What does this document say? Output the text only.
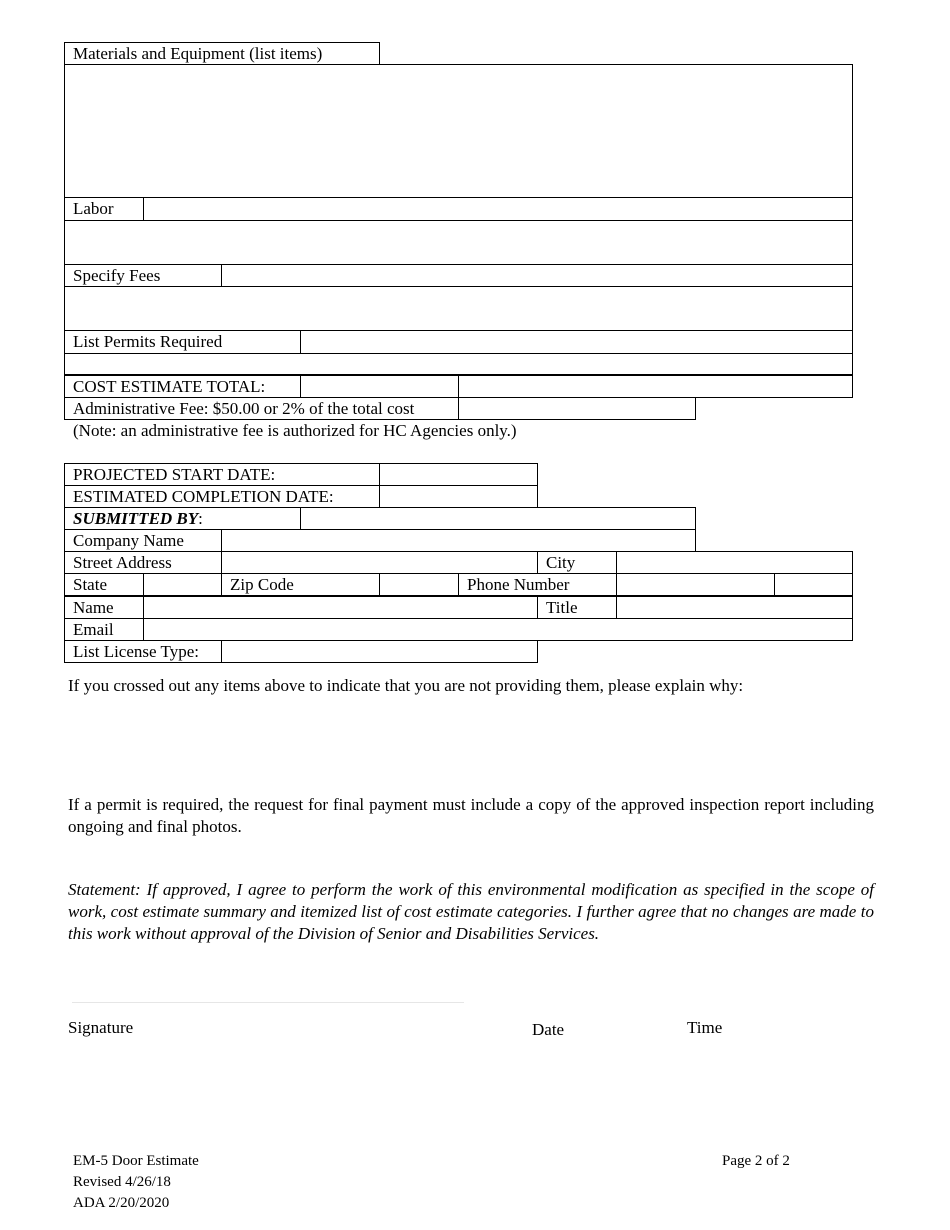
Materials and Equipment (list items)
Labor
Specify Fees
List Permits Required
COST ESTIMATE TOTAL:
Administrative Fee: $50.00 or 2% of the total cost
(Note: an administrative fee is authorized for HC Agencies only.)
PROJECTED START DATE:
ESTIMATED COMPLETION DATE:
SUBMITTED BY:
Company Name
Street Address	City
State	Zip Code	Phone Number
Name	Title
Email
List License Type:

If you crossed out any items above to indicate that you are not providing them, please explain why:

If a permit is required, the request for final payment must include a copy of the approved inspection report including ongoing and final photos.

Statement: If approved, I agree to perform the work of this environmental modification as specified in the scope of work, cost estimate summary and itemized list of cost estimate categories. I further agree that no changes are made to this work without approval of the Division of Senior and Disabilities Services.

Signature	Date	Time
EM-5 Door Estimate
Revised 4/26/18
ADA 2/20/2020
Page 2 of 2
